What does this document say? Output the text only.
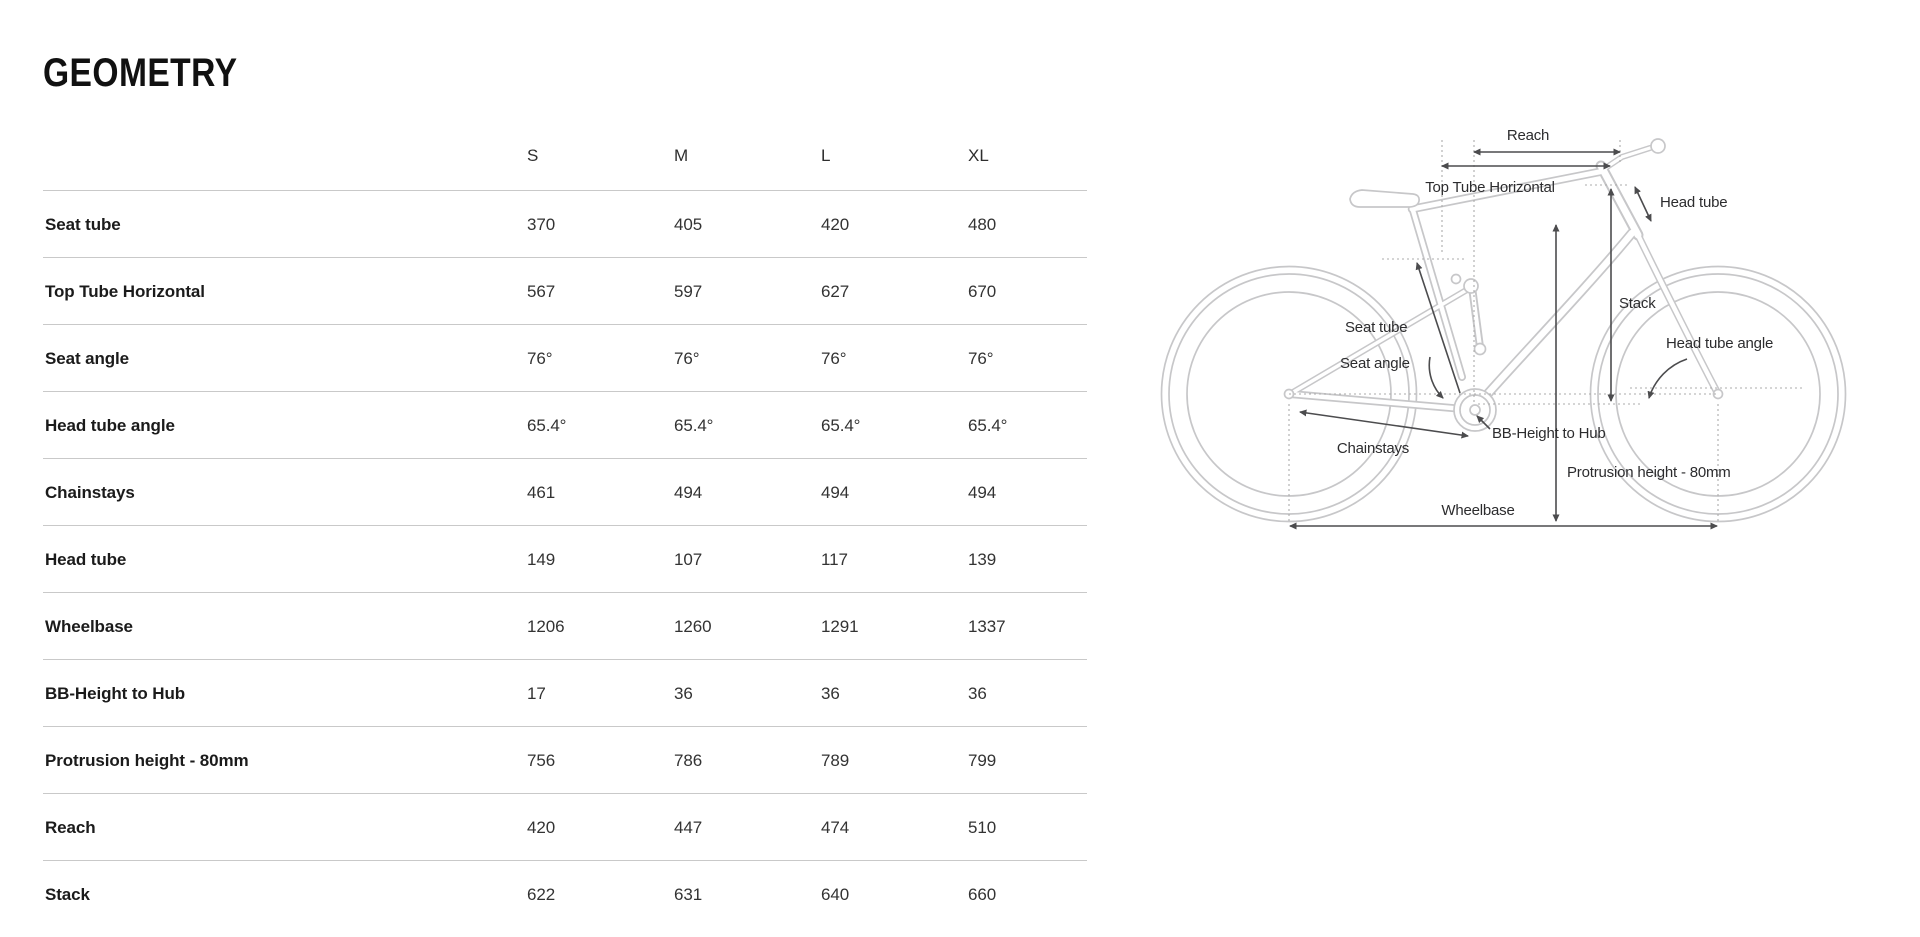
GEOMETRY
S	M	L	XL
Seat tube	370	405	420	480
Top Tube Horizontal	567	597	627	670
Seat angle	76°	76°	76°	76°
Head tube angle	65.4°	65.4°	65.4°	65.4°
Chainstays	461	494	494	494
Head tube	149	107	117	139
Wheelbase	1206	1260	1291	1337
BB-Height to Hub	17	36	36	36
Protrusion height - 80mm	756	786	789	799
Reach	420	447	474	510
Stack	622	631	640	660
Reach
Top Tube Horizontal
Head tube
Stack
Seat tube
Seat angle
Head tube angle
Chainstays
BB-Height to Hub
Protrusion height - 80mm
Wheelbase
